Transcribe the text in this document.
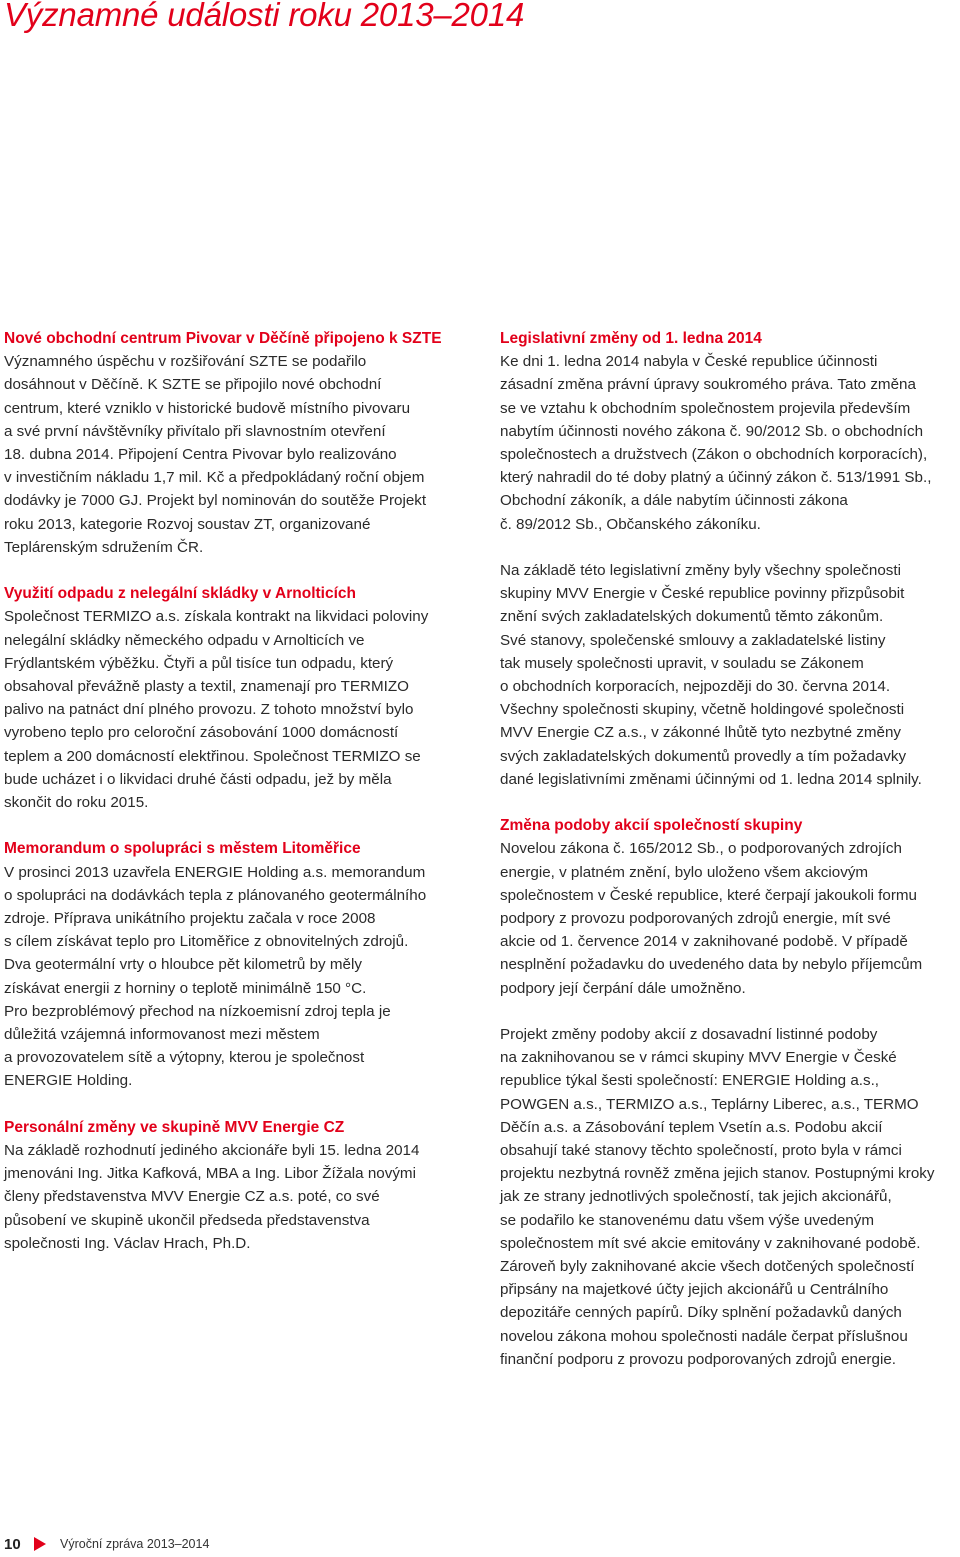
Významné události roku 2013–2014
Nové obchodní centrum Pivovar v Děčíně připojeno k SZTE

Významného úspěchu v rozšiřování SZTE se podařilo
dosáhnout v Děčíně. K SZTE se připojilo nové obchodní
centrum, které vzniklo v historické budově místního pivovaru
a své první návštěvníky přivítalo při slavnostním otevření
18. dubna 2014. Připojení Centra Pivovar bylo realizováno
v investičním nákladu 1,7 mil. Kč a předpokládaný roční objem
dodávky je 7000 GJ. Projekt byl nominován do soutěže Projekt
roku 2013, kategorie Rozvoj soustav ZT, organizované
Teplárenským sdružením ČR.

Využití odpadu z nelegální skládky v Arnolticích

Společnost TERMIZO a.s. získala kontrakt na likvidaci poloviny
nelegální skládky německého odpadu v Arnolticích ve
Frýdlantském výběžku. Čtyři a půl tisíce tun odpadu, který
obsahoval převážně plasty a textil, znamenají pro TERMIZO
palivo na patnáct dní plného provozu. Z tohoto množství bylo
vyrobeno teplo pro celoroční zásobování 1000 domácností
teplem a 200 domácností elektřinou. Společnost TERMIZO se
bude ucházet i o likvidaci druhé části odpadu, jež by měla
skončit do roku 2015.

Memorandum o spolupráci s městem Litoměřice

V prosinci 2013 uzavřela ENERGIE Holding a.s. memorandum
o spolupráci na dodávkách tepla z plánovaného geotermálního
zdroje. Příprava unikátního projektu začala v roce 2008
s cílem získávat teplo pro Litoměřice z obnovitelných zdrojů.
Dva geotermální vrty o hloubce pět kilometrů by měly
získávat energii z horniny o teplotě minimálně 150 °C.
Pro bezproblémový přechod na nízkoemisní zdroj tepla je
důležitá vzájemná informovanost mezi městem
a provozovatelem sítě a výtopny, kterou je společnost
ENERGIE Holding.

Personální změny ve skupině MVV Energie CZ

Na základě rozhodnutí jediného akcionáře byli 15. ledna 2014
jmenováni Ing. Jitka Kafková, MBA a Ing. Libor Žížala novými
členy představenstva MVV Energie CZ a.s. poté, co své
působení ve skupině ukončil předseda představenstva
společnosti Ing. Václav Hrach, Ph.D.

Legislativní změny od 1. ledna 2014

Ke dni 1. ledna 2014 nabyla v České republice účinnosti
zásadní změna právní úpravy soukromého práva. Tato změna
se ve vztahu k obchodním společnostem projevila především
nabytím účinnosti nového zákona č. 90/2012 Sb. o obchodních
společnostech a družstvech (Zákon o obchodních korporacích),
který nahradil do té doby platný a účinný zákon č. 513/1991 Sb.,
Obchodní zákoník, a dále nabytím účinnosti zákona
č. 89/2012 Sb., Občanského zákoníku.

Na základě této legislativní změny byly všechny společnosti
skupiny MVV Energie v České republice povinny přizpůsobit
znění svých zakladatelských dokumentů těmto zákonům.
Své stanovy, společenské smlouvy a zakladatelské listiny
tak musely společnosti upravit, v souladu se Zákonem
o obchodních korporacích, nejpozději do 30. června 2014.
Všechny společnosti skupiny, včetně holdingové společnosti
MVV Energie CZ a.s., v zákonné lhůtě tyto nezbytné změny
svých zakladatelských dokumentů provedly a tím požadavky
dané legislativními změnami účinnými od 1. ledna 2014 splnily.

Změna podoby akcií společností skupiny

Novelou zákona č. 165/2012 Sb., o podporovaných zdrojích
energie, v platném znění, bylo uloženo všem akciovým
společnostem v České republice, které čerpají jakoukoli formu
podpory z provozu podporovaných zdrojů energie, mít své
akcie od 1. července 2014 v zaknihované podobě. V případě
nesplnění požadavku do uvedeného data by nebylo příjemcům
podpory její čerpání dále umožněno.

Projekt změny podoby akcií z dosavadní listinné podoby
na zaknihovanou se v rámci skupiny MVV Energie v České
republice týkal šesti společností: ENERGIE Holding a.s.,
POWGEN a.s., TERMIZO a.s., Teplárny Liberec, a.s., TERMO
Děčín a.s. a Zásobování teplem Vsetín a.s. Podobu akcií
obsahují také stanovy těchto společností, proto byla v rámci
projektu nezbytná rovněž změna jejich stanov. Postupnými kroky
jak ze strany jednotlivých společností, tak jejich akcionářů,
se podařilo ke stanovenému datu všem výše uvedeným
společnostem mít své akcie emitovány v zaknihované podobě.
Zároveň byly zaknihované akcie všech dotčených společností
připsány na majetkové účty jejich akcionářů u Centrálního
depozitáře cenných papírů. Díky splnění požadavků daných
novelou zákona mohou společnosti nadále čerpat příslušnou
finanční podporu z provozu podporovaných zdrojů energie.

10	Výroční zpráva 2013–2014
